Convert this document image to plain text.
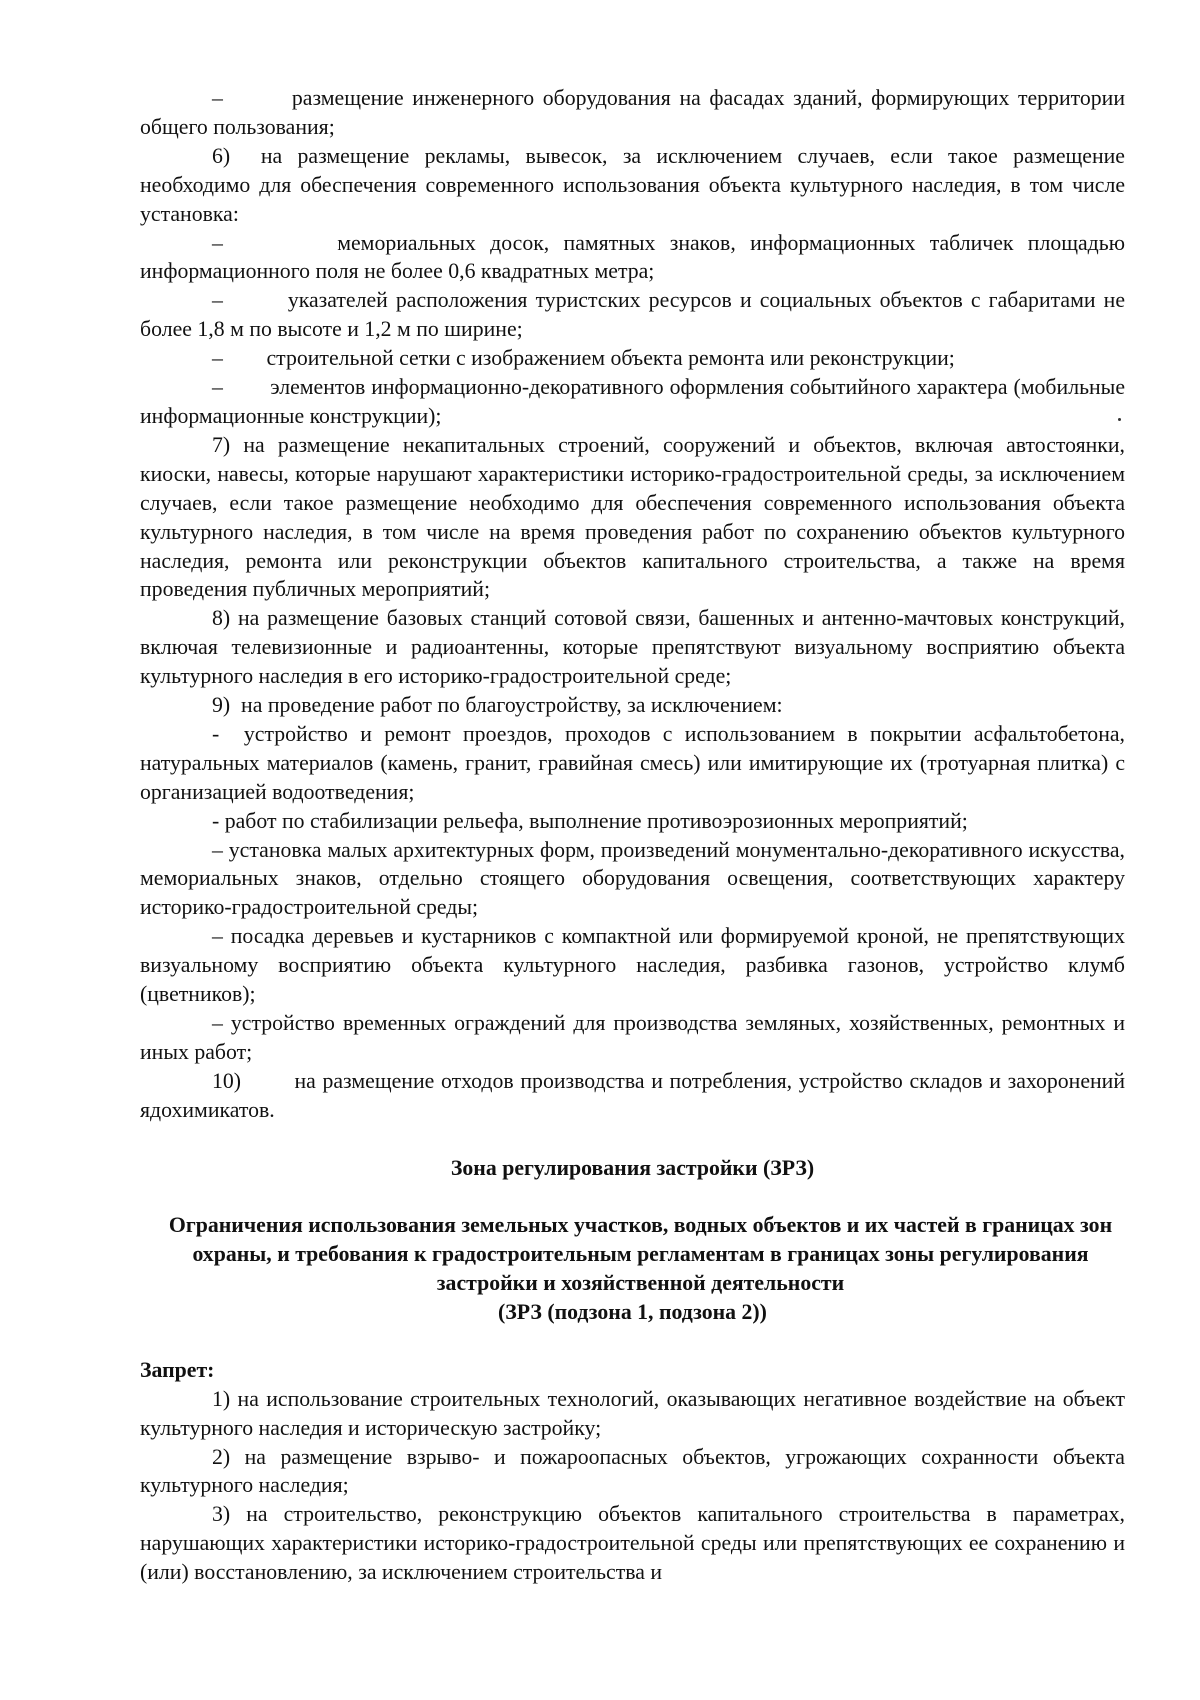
–        размещение инженерного оборудования на фасадах зданий, формирующих территории общего пользования;

6)  на размещение рекламы, вывесок, за исключением случаев, если такое размещение необходимо для обеспечения современного использования объекта культурного наследия, в том числе установка:

–        мемориальных досок, памятных знаков, информационных табличек площадью информационного поля не более 0,6 квадратных метра;

–        указателей расположения туристских ресурсов и социальных объектов с габаритами не более 1,8 м по высоте и 1,2 м по ширине;

–        строительной сетки с изображением объекта ремонта или реконструкции;

–        элементов информационно-декоративного оформления событийного характера (мобильные информационные конструкции);

7) на размещение некапитальных строений, сооружений и объектов, включая автостоянки, киоски, навесы, которые нарушают характеристики историко-градостроительной среды, за исключением случаев, если такое размещение необходимо для обеспечения современного использования объекта культурного наследия, в том числе на время проведения работ по сохранению объектов культурного наследия, ремонта или реконструкции объектов капитального строительства, а также на время проведения публичных мероприятий;

8) на размещение базовых станций сотовой связи, башенных и антенно-мачтовых конструкций, включая телевизионные и радиоантенны, которые препятствуют визуальному восприятию объекта культурного наследия в его историко-градостроительной среде;

9)  на проведение работ по благоустройству, за исключением:

-  устройство и ремонт проездов, проходов с использованием в покрытии асфальтобетона, натуральных материалов (камень, гранит, гравийная смесь) или имитирующие их (тротуарная плитка) с организацией водоотведения;

- работ по стабилизации рельефа, выполнение противоэрозионных мероприятий;

– установка малых архитектурных форм, произведений монументально-декоративного искусства, мемориальных знаков, отдельно стоящего оборудования освещения, соответствующих характеру историко-градостроительной среды;

– посадка деревьев и кустарников с компактной или формируемой кроной, не препятствующих визуальному восприятию объекта культурного наследия, разбивка газонов, устройство клумб (цветников);

– устройство временных ограждений для производства земляных, хозяйственных, ремонтных и иных работ;

10)        на размещение отходов производства и потребления, устройство складов и захоронений ядохимикатов.

Зона регулирования застройки (ЗРЗ)

Ограничения использования земельных участков, водных объектов и их частей в границах зон охраны, и требования к градостроительным регламентам в границах зоны регулирования застройки и хозяйственной деятельности

(ЗРЗ (подзона 1, подзона 2))

Запрет:

1) на использование строительных технологий, оказывающих негативное воздействие на объект культурного наследия и историческую застройку;

2) на размещение взрыво- и пожароопасных объектов, угрожающих сохранности объекта культурного наследия;

3) на строительство, реконструкцию объектов капитального строительства в параметрах, нарушающих характеристики историко-градостроительной среды или препятствующих ее сохранению и (или) восстановлению, за исключением строительства и
